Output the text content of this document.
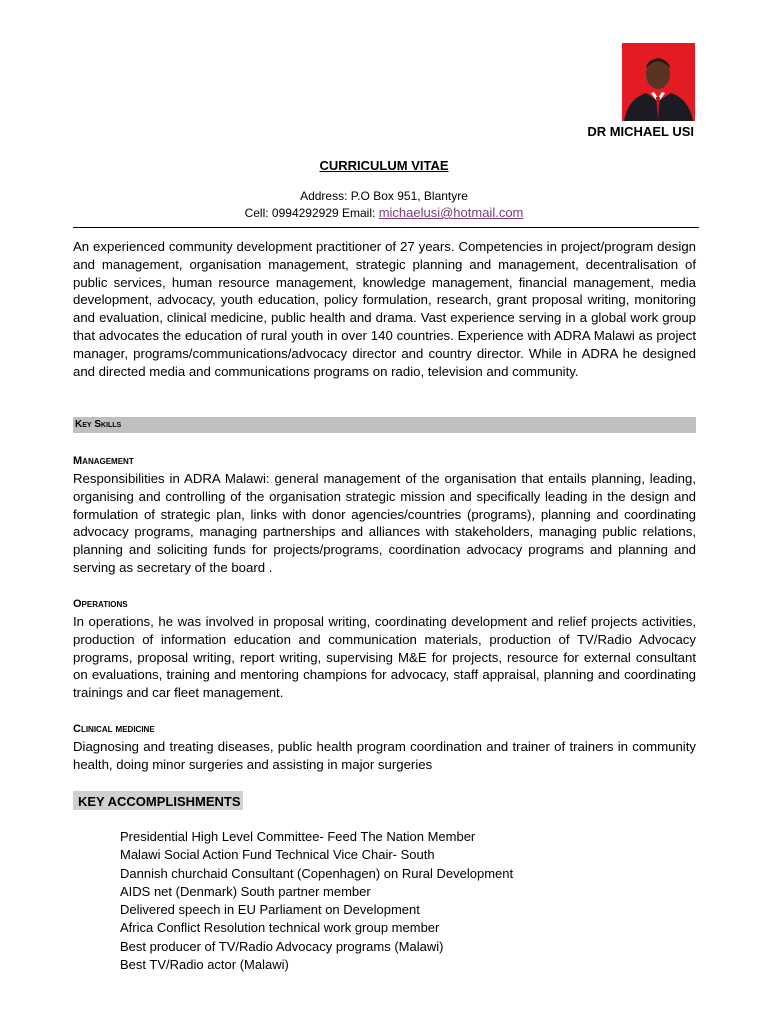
DR MICHAEL USI
CURRICULUM VITAE
Address: P.O Box 951, Blantyre
Cell: 0994292929 Email: michaelusi@hotmail.com

An experienced community development practitioner of 27 years. Competencies in project/program design and management, organisation management, strategic planning and management, decentralisation of public services, human resource management, knowledge management, financial management, media development, advocacy, youth education, policy formulation, research, grant proposal writing, monitoring and evaluation, clinical medicine, public health and drama. Vast experience serving in a global work group that advocates the education of rural youth in over 140 countries. Experience with ADRA Malawi as project manager, programs/communications/advocacy director and country director. While in ADRA he designed and directed media and communications programs on radio, television and community.

Key Skills
Management

Responsibilities in ADRA Malawi: general management of the organisation that entails planning, leading, organising and controlling of the organisation strategic mission and specifically leading in the design and formulation of strategic plan, links with donor agencies/countries (programs), planning and coordinating advocacy programs, managing partnerships and alliances with stakeholders, managing public relations, planning and soliciting funds for projects/programs, coordination advocacy programs and planning and serving as secretary of the board .

Operations

In operations, he was involved in proposal writing, coordinating development and relief projects activities, production of information education and communication materials, production of TV/Radio Advocacy programs, proposal writing, report writing, supervising M&E for projects, resource for external consultant on evaluations, training and mentoring champions for advocacy, staff appraisal, planning and coordinating trainings and car fleet management.

Clinical medicine

Diagnosing and treating diseases, public health program coordination and trainer of trainers in community health, doing minor surgeries and assisting in major surgeries

KEY ACCOMPLISHMENTS
Presidential High Level Committee- Feed The Nation Member
Malawi Social Action Fund Technical Vice Chair- South
Dannish churchaid Consultant (Copenhagen) on Rural Development
AIDS net (Denmark) South partner member
Delivered speech in EU Parliament on Development
Africa Conflict Resolution technical work group member
Best producer of TV/Radio Advocacy programs (Malawi)
Best TV/Radio actor (Malawi)
